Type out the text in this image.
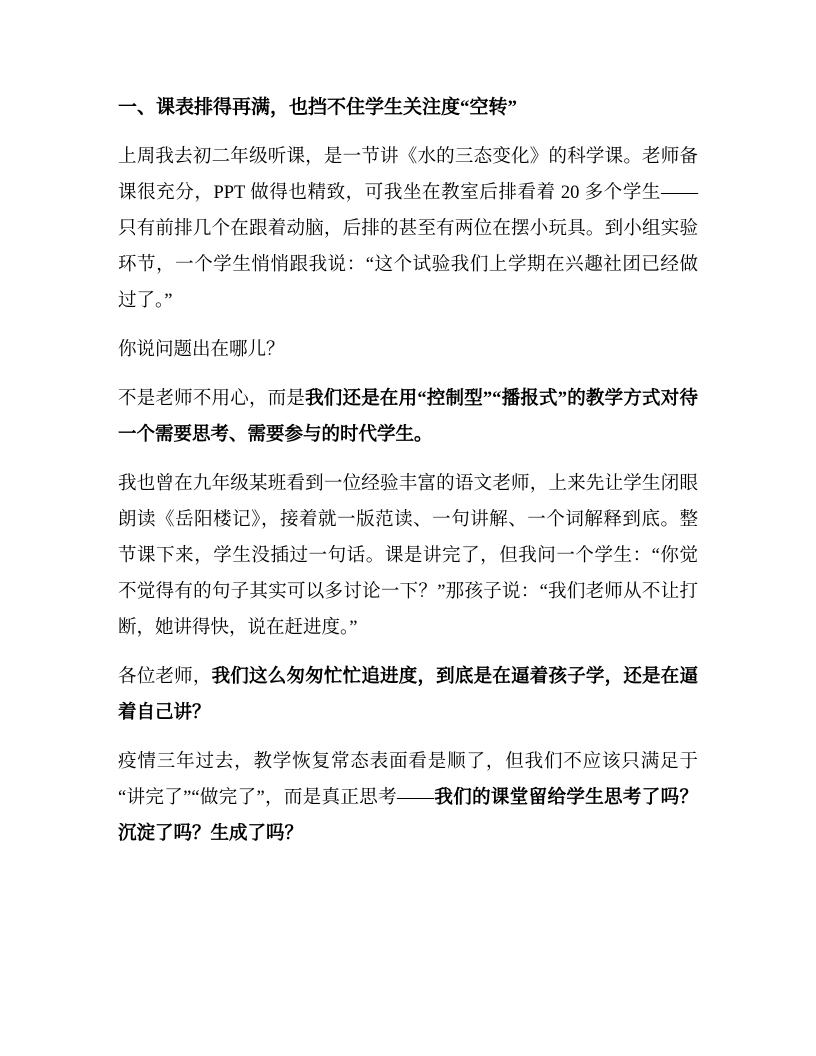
一、课表排得再满，也挡不住学生关注度“空转”

上周我去初二年级听课，是一节讲《水的三态变化》的科学课。老师备课很充分，PPT 做得也精致，可我坐在教室后排看着 20 多个学生——只有前排几个在跟着动脑，后排的甚至有两位在摆小玩具。到小组实验环节，一个学生悄悄跟我说：“这个试验我们上学期在兴趣社团已经做过了。”

你说问题出在哪儿？

不是老师不用心，而是我们还是在用“控制型”“播报式”的教学方式对待一个需要思考、需要参与的时代学生。

我也曾在九年级某班看到一位经验丰富的语文老师，上来先让学生闭眼朗读《岳阳楼记》，接着就一版范读、一句讲解、一个词解释到底。整节课下来，学生没插过一句话。课是讲完了，但我问一个学生：“你觉不觉得有的句子其实可以多讨论一下？”那孩子说：“我们老师从不让打断，她讲得快，说在赶进度。”

各位老师，我们这么匆匆忙忙追进度，到底是在逼着孩子学，还是在逼着自己讲？

疫情三年过去，教学恢复常态表面看是顺了，但我们不应该只满足于“讲完了”“做完了”，而是真正思考——我们的课堂留给学生思考了吗？沉淀了吗？生成了吗？
